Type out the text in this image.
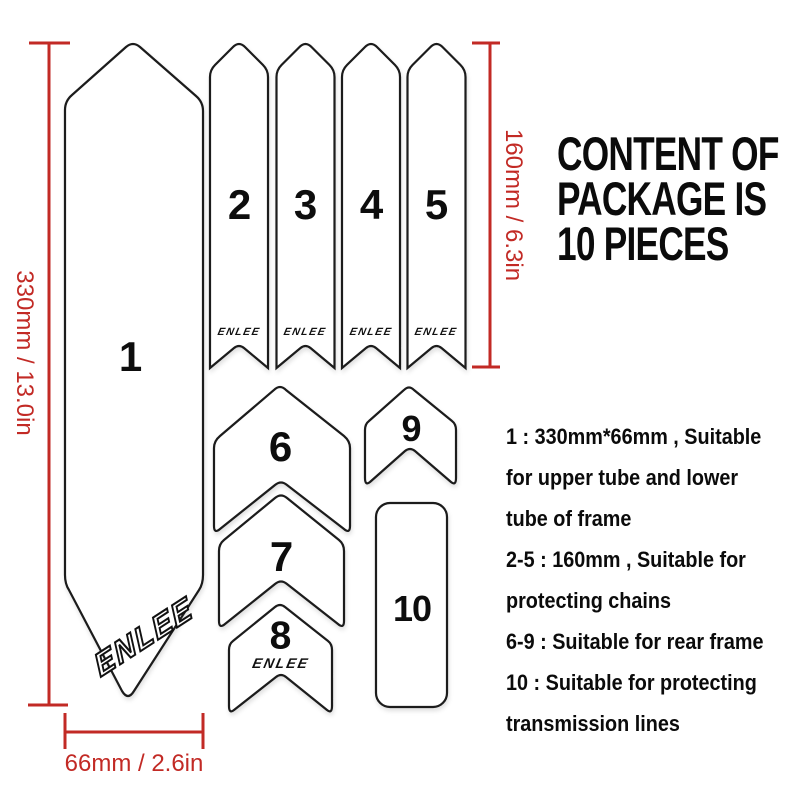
1
2 3 4 5
6
7
8
9
10
ENLEE
ENLEE ENLEE ENLEE ENLEE
ENLEE
330mm / 13.0in
160mm / 6.3in
66mm / 2.6in
CONTENT OF
PACKAGE IS
10 PIECES
1 : 330mm*66mm , Suitable
for upper tube and lower
tube of frame
2-5 : 160mm , Suitable for
protecting chains
6-9 : Suitable for rear frame
10 : Suitable for protecting
transmission lines
